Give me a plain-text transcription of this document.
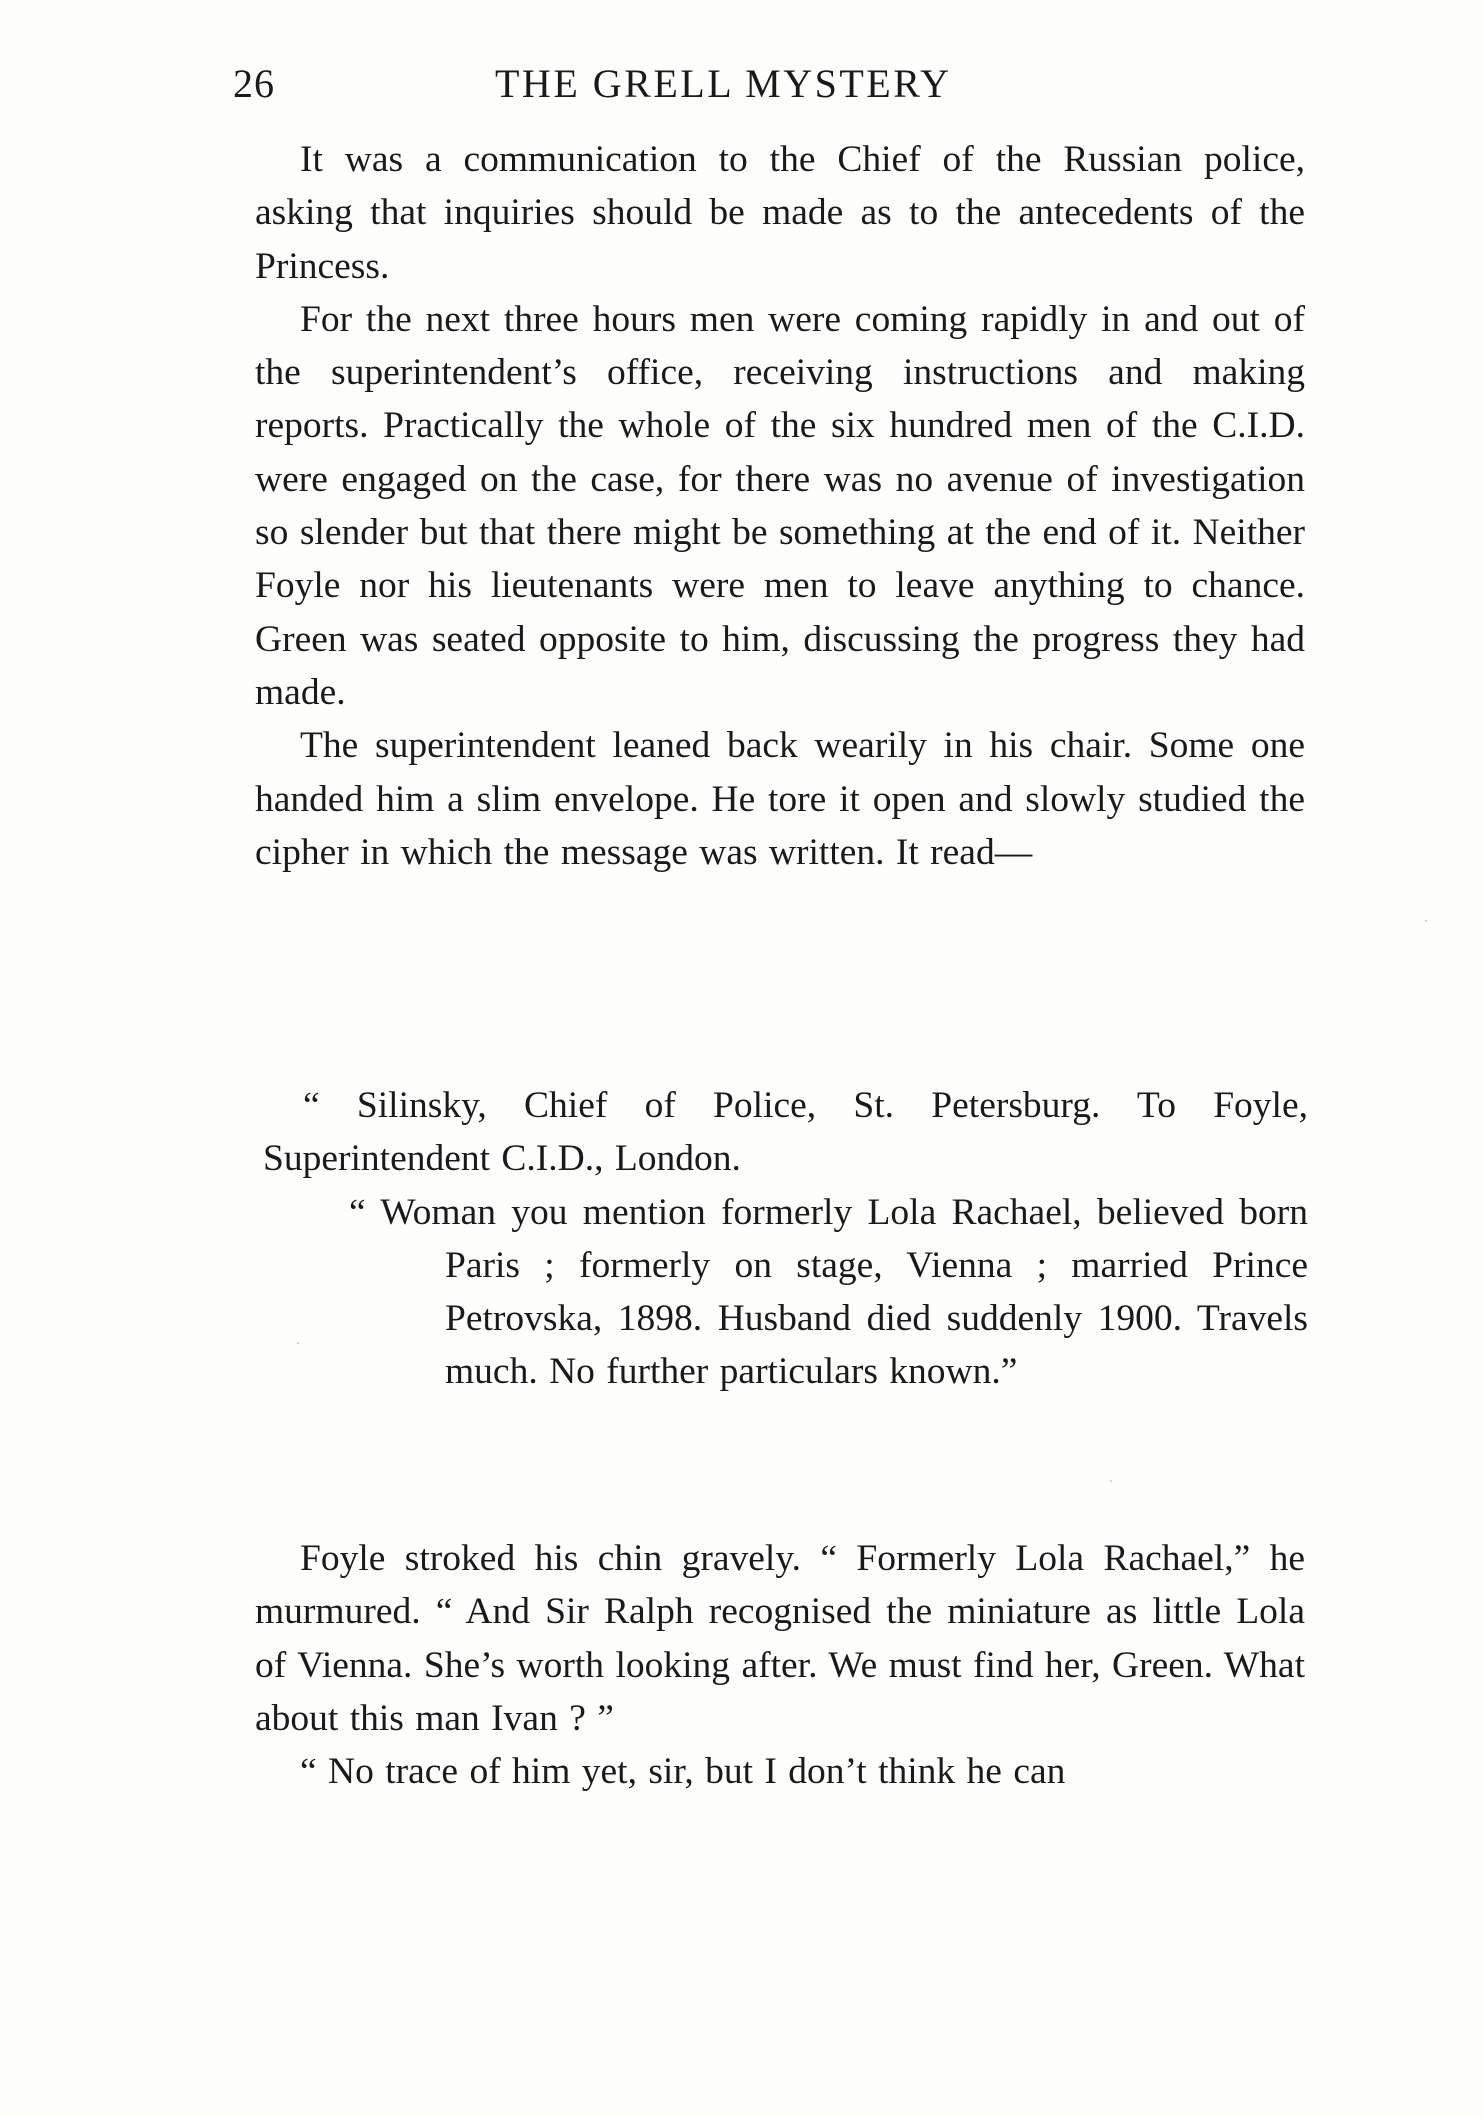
26	THE GRELL MYSTERY

It was a communication to the Chief of the Russian police, asking that inquiries should be made as to the antecedents of the Princess.

For the next three hours men were coming rapidly in and out of the superintendent’s office, receiving instructions and making reports. Practically the whole of the six hundred men of the C.I.D. were engaged on the case, for there was no avenue of investigation so slender but that there might be something at the end of it. Neither Foyle nor his lieutenants were men to leave anything to chance. Green was seated opposite to him, discussing the progress they had made.

The superintendent leaned back wearily in his chair. Some one handed him a slim envelope. He tore it open and slowly studied the cipher in which the message was written. It read—

“ Silinsky, Chief of Police, St. Petersburg. To Foyle, Superintendent C.I.D., London.

“ Woman you mention formerly Lola Rachael, believed born Paris ; formerly on stage, Vienna ; married Prince Petrovska, 1898. Husband died suddenly 1900. Travels much. No further particulars known.”

Foyle stroked his chin gravely. “ Formerly Lola Rachael,” he murmured. “ And Sir Ralph recognised the miniature as little Lola of Vienna. She’s worth looking after. We must find her, Green. What about this man Ivan ? ”

“ No trace of him yet, sir, but I don’t think he can
